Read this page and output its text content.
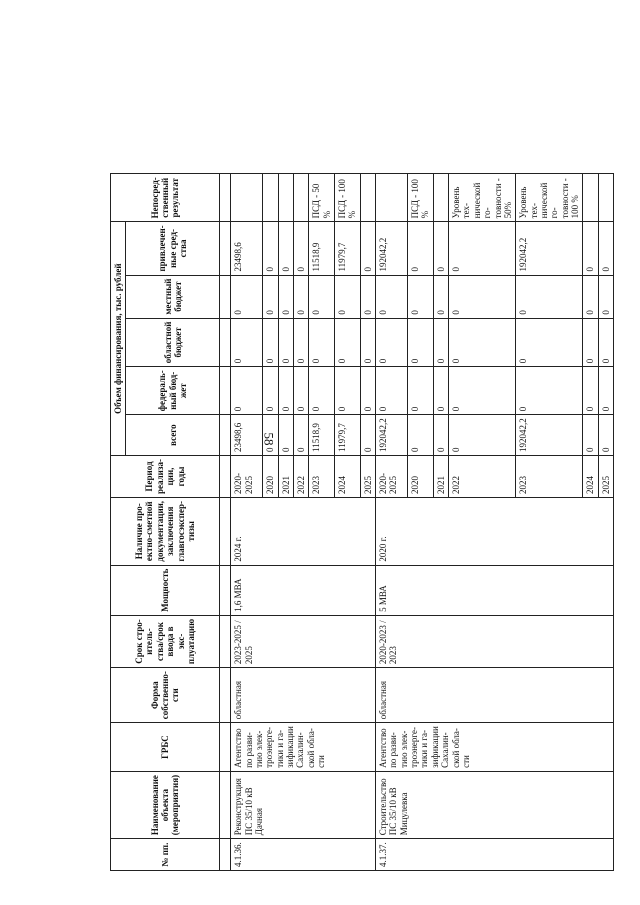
58
№ пп.	Наименование объекта (мероприятия)	ГРБС	Форма собственно-сти	Срок стро-итель-ства/срок ввода в экс-плуатацию	Мощность	Наличие про-ектно-сметной документации, заключения главгосэкспер-тизы	Период реализа-ции, годы	Объем финансирования, тыс. рублей					Непосред-ственный результат
								всего	федераль-ный бюд-жет	областной бюджет	местный бюджет	привлечен-ные сред-ства	

4.1.36.	Реконструкция ПС 35/10 кВ Дачная	Агентство по разви-тию элек-троэнерге-тики и га-зификации Сахалин-ской обла-сти	областная	2023-2025 / 2025	1,6 МВА	2024 г.	2020-2025	23498,6	0	0	0	23498,6	
							2020	0	0	0	0	0	
							2021	0	0	0	0	0	
							2022	0	0	0	0	0	
							2023	11518,9	0	0	0	11518,9	ПСД - 50 %
							2024	11979,7	0	0	0	11979,7	ПСД - 100 %
							2025	0	0	0	0	0	
4.1.37.	Строительство ПС 35/10 кВ Мицулевка	Агентство по разви-тию элек-троэнерге-тики и га-зификации Сахалин-ской обла-сти	областная	2020-2023 / 2023	5 МВА	2020 г.	2020-2025	192042,2	0	0	0	192042,2	
							2020	0	0	0	0	0	ПСД - 100 %
							2021	0	0	0	0	0	
							2022	0	0	0	0	0	Уровень тех-нической го-товности - 50%
							2023	192042,2	0	0	0	192042,2	Уровень тех-нической го-товности - 100 %
							2024	0	0	0	0	0	
							2025	0	0	0	0	0	
